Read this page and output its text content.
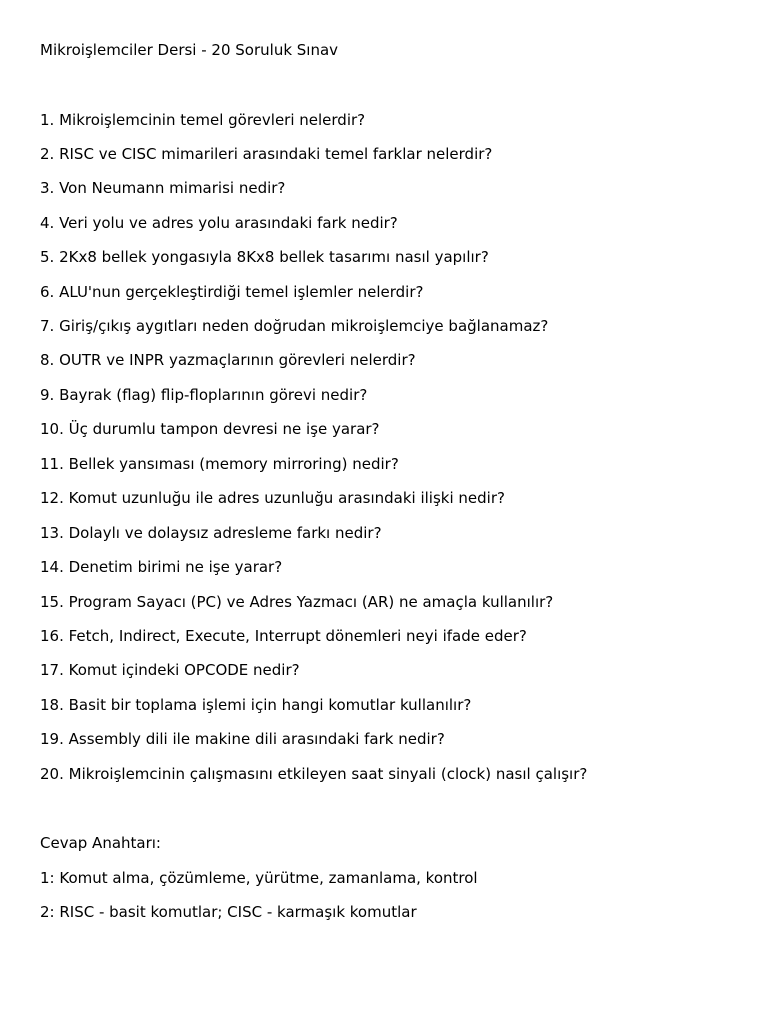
Mikroişlemciler Dersi - 20 Soruluk Sınav
1. Mikroişlemcinin temel görevleri nelerdir?
2. RISC ve CISC mimarileri arasındaki temel farklar nelerdir?
3. Von Neumann mimarisi nedir?
4. Veri yolu ve adres yolu arasındaki fark nedir?
5. 2Kx8 bellek yongasıyla 8Kx8 bellek tasarımı nasıl yapılır?
6. ALU'nun gerçekleştirdiği temel işlemler nelerdir?
7. Giriş/çıkış aygıtları neden doğrudan mikroişlemciye bağlanamaz?
8. OUTR ve INPR yazmaçlarının görevleri nelerdir?
9. Bayrak (flag) flip-floplarının görevi nedir?
10. Üç durumlu tampon devresi ne işe yarar?
11. Bellek yansıması (memory mirroring) nedir?
12. Komut uzunluğu ile adres uzunluğu arasındaki ilişki nedir?
13. Dolaylı ve dolaysız adresleme farkı nedir?
14. Denetim birimi ne işe yarar?
15. Program Sayacı (PC) ve Adres Yazmacı (AR) ne amaçla kullanılır?
16. Fetch, Indirect, Execute, Interrupt dönemleri neyi ifade eder?
17. Komut içindeki OPCODE nedir?
18. Basit bir toplama işlemi için hangi komutlar kullanılır?
19. Assembly dili ile makine dili arasındaki fark nedir?
20. Mikroişlemcinin çalışmasını etkileyen saat sinyali (clock) nasıl çalışır?
Cevap Anahtarı:
1: Komut alma, çözümleme, yürütme, zamanlama, kontrol
2: RISC - basit komutlar; CISC - karmaşık komutlar
